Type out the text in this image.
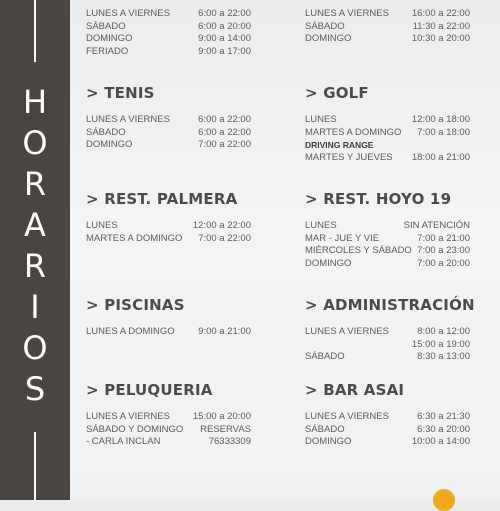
H
O
R
A
R
I
O
S
LUNES A VIERNES	6:00 a 22:00
SÁBADO	6:00 a 20:00
DOMINGO	9:00 a 14:00
FERIADO	9:00 a 17:00
LUNES A VIERNES 16:00 a 22:00
SÁBADO	11:30 a 22:00
DOMINGO	10:30 a 20:00
> TENIS
LUNES A VIERNES	6:00 a 22:00
SÁBADO	6:00 a 22:00
DOMINGO	7:00 a 22:00
> GOLF
LUNES	12:00 a 18:00
MARTES A DOMINGO 7:00 a 18:00
DRIVING RANGE
MARTES Y JUEVES 18:00 a 21:00
> REST. PALMERA
LUNES	12:00 a 22:00
MARTES A DOMINGO 7:00 a 22:00
> REST. HOYO 19
LUNES	SIN ATENCIÓN
MAR - JUE Y VIE	7:00 a 21:00
MIÉRCOLES Y SÁBADO 7:00 a 23:00
DOMINGO	7:00 a 20:00
> PISCINAS
LUNES A DOMINGO 9:00 a 21:00
> ADMINISTRACIÓN
LUNES A VIERNES	8:00 a 12:00
15:00 a 19:00
SÁBADO	8:30 a 13:00
> PELUQUERIA
LUNES A VIERNES 15:00 a 20:00
SÁBADO Y DOMINGO RESERVAS
- CARLA INCLAN	76333309
> BAR ASAI
LUNES A VIERNES	6:30 a 21:30
SÁBADO	6:30 a 20:00
DOMINGO	10:00 a 14:00
